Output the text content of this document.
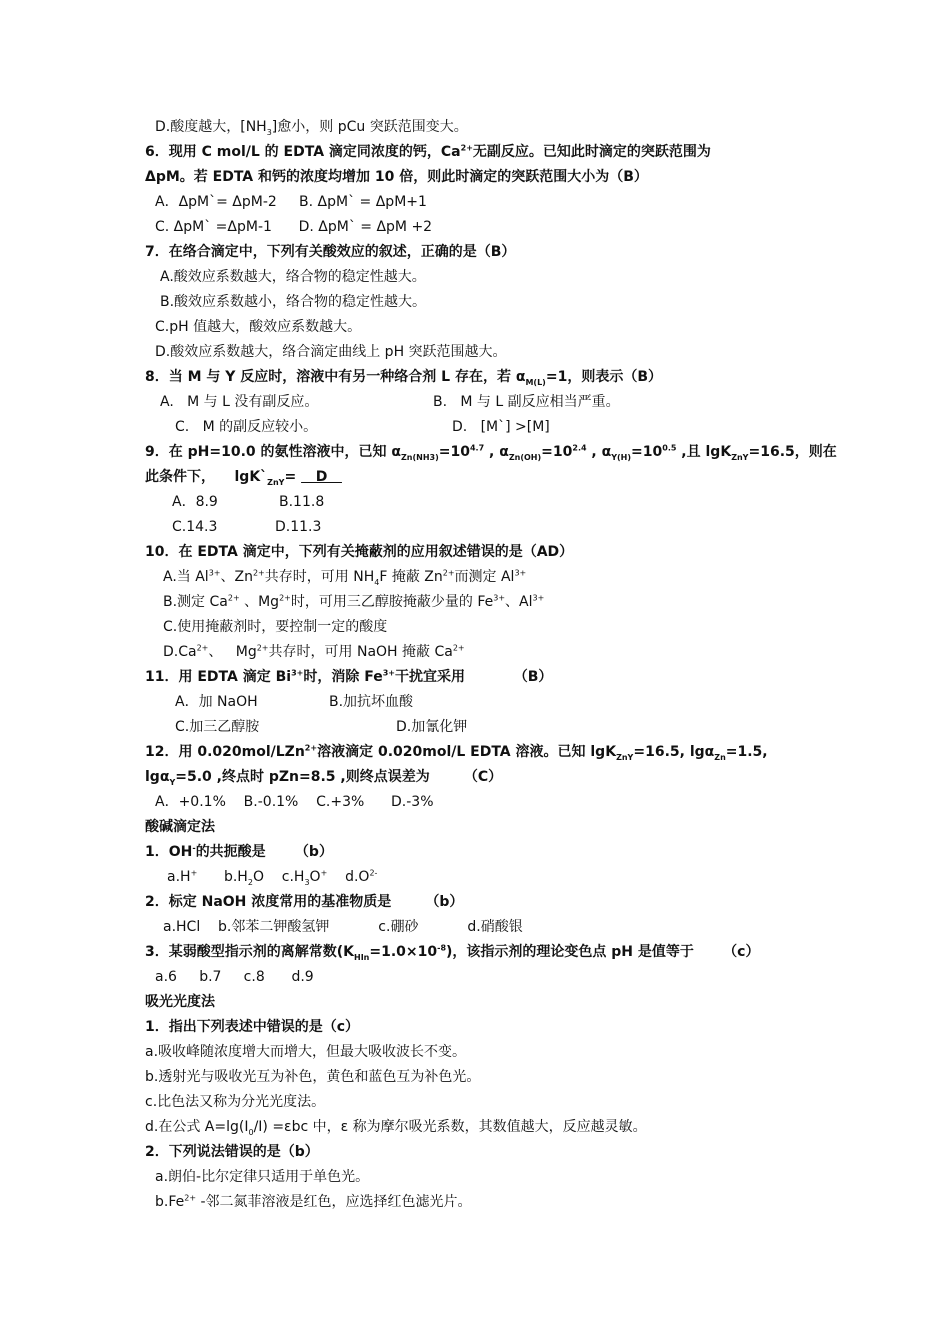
D.酸度越大，$[NH_3]$愈小，则 pCu 突跃范围变大。
6．现用 C mol/L 的 EDTA 滴定同浓度的钙，$Ca^{2+}$无副反应。已知此时滴定的突跃范围为
ΔpM。若 EDTA 和钙的浓度均增加 10 倍，则此时滴定的突跃范围大小为（B）
A．ΔpM`= ΔpM-2     B. ΔpM` = ΔpM+1
C. ΔpM` =ΔpM-1      D. ΔpM` = ΔpM +2
7．在络合滴定中，下列有关酸效应的叙述，正确的是（B）
A.酸效应系数越大，络合物的稳定性越大。
B.酸效应系数越小，络合物的稳定性越大。
C.pH 值越大，酸效应系数越大。
D.酸效应系数越大，络合滴定曲线上 pH 突跃范围越大。
8．当 M 与 Y 反应时，溶液中有另一种络合剂 L 存在，若 $\alpha_{M(L)}=1$，则表示（B）
A.   M 与 L 没有副反应。	B.   M 与 L 副反应相当严重。
C.   M 的副反应较小。	D.   [M`] >[M]
9．在 pH=10.0 的氨性溶液中，已知 $\alpha_{Zn(NH3)}=10^{4.7}$ , $\alpha_{Zn(OH)}=10^{2.4}$ , $\alpha_{Y(H)}=10^{0.5}$ ,且 lgK$_{ZnY}$=16.5，则在
此条件下，    $\lg K`_{ZnY}=$    D
A．8.9	B.11.8
C.14.3	D.11.3
10．在 EDTA 滴定中，下列有关掩蔽剂的应用叙述错误的是（AD）
A.当 $Al^{3+}$、$Zn^{2+}$共存时，可用 $NH_4F$ 掩蔽 $Zn^{2+}$而测定 $Al^{3+}$
B.测定 $Ca^{2+}$ 、$Mg^{2+}$时，可用三乙醇胺掩蔽少量的 $Fe^{3+}$、$Al^{3+}$
C.使用掩蔽剂时，要控制一定的酸度
$D.Ca^{2+}$、   $Mg^{2+}$共存时，可用 NaOH 掩蔽 $Ca^{2+}$
11．用 EDTA 滴定 $Bi^{3+}$时，消除 $Fe^{3+}$干扰宜采用          （B）
A．加 NaOH	B.加抗坏血酸
C.加三乙醇胺	D.加氰化钾
12．用 0.020mol/LZn$^{2+}$溶液滴定 0.020mol/L EDTA 溶液。已知 lgK$_{ZnY}$=16.5, lgα$_{Zn}$=1.5,
lgα$_Y$=5.0 ,终点时 pZn=8.5 ,则终点误差为       （C）
A．+0.1%    B.-0.1%    C.+3%      D.-3%
酸碱滴定法
1．OH-的共扼酸是      （b）
a.H+      $b.H_2O$    $c.H_3O^+$    $d.O^{2-}$
2．标定 NaOH 浓度常用的基准物质是       （b）
a.HCl    b.邻苯二钾酸氢钾           c.硼砂           d.硝酸银
3．某弱酸型指示剂的离解常数$(K_{HIn}=1.0\times 10^{-8})$，该指示剂的理论变色点 pH 是值等于      （c）
a.6     b.7     c.8      d.9
吸光光度法
1．指出下列表述中错误的是（c）
a.吸收峰随浓度增大而增大，但最大吸收波长不变。
b.透射光与吸收光互为补色，黄色和蓝色互为补色光。
c.比色法又称为分光光度法。
d.在公式 $A=\lg(I_0/I) =\varepsilon bc$ 中，ε 称为摩尔吸光系数，其数值越大，反应越灵敏。
2．下列说法错误的是（b）
a.朗伯-比尔定律只适用于单色光。
$b.Fe^{2+}$ -邻二氮菲溶液是红色，应选择红色滤光片。
